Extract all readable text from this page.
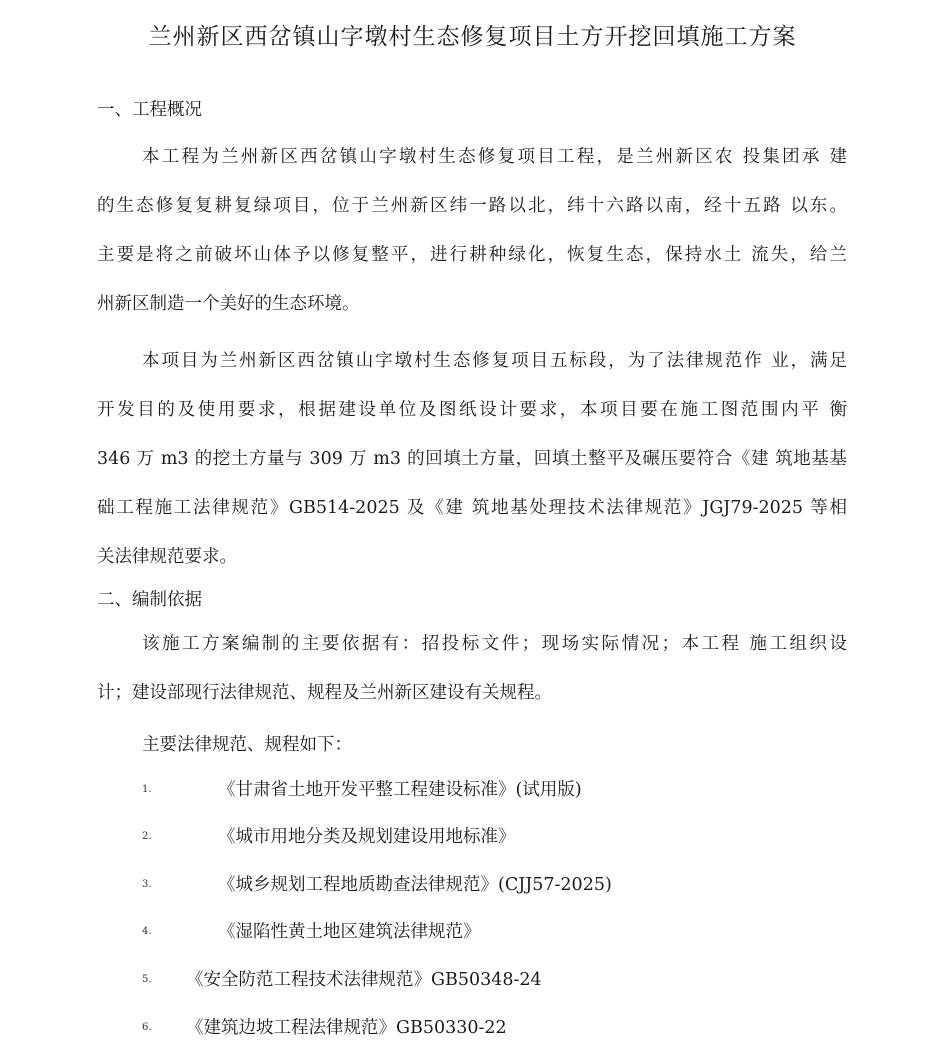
兰州新区西岔镇山字墩村生态修复项目土方开挖回填施工方案
一、工程概况
本工程为兰州新区西岔镇山字墩村生态修复项目工程，是兰州新区农 投集团承 建
的生态修复复耕复绿项目，位于兰州新区纬一路以北，纬十六路以南，经十五路 以东。
主要是将之前破坏山体予以修复整平，进行耕种绿化，恢复生态，保持水土 流失，给兰
州新区制造一个美好的生态环境。
本项目为兰州新区西岔镇山字墩村生态修复项目五标段，为了法律规范作 业，满足
开发目的及使用要求，根据建设单位及图纸设计要求，本项目要在施工图范围内平 衡
346 万 m3 的挖土方量与 309 万 m3 的回填土方量，回填土整平及碾压要符合《建 筑地基基
础工程施工法律规范》GB514-2025 及《建 筑地基处理技术法律规范》JGJ79-2025 等相
关法律规范要求。
二、编制依据
该施工方案编制的主要依据有：招投标文件；现场实际情况；本工程 施工组织设
计；建设部现行法律规范、规程及兰州新区建设有关规程。
主要法律规范、规程如下：
1.	《甘肃省土地开发平整工程建设标准》(试用版)
2.	《城市用地分类及规划建设用地标准》
3.	《城乡规划工程地质勘查法律规范》(CJJ57-2025)
4.	《湿陷性黄土地区建筑法律规范》
5. 《安全防范工程技术法律规范》GB50348-24
6. 《建筑边坡工程法律规范》GB50330-22
